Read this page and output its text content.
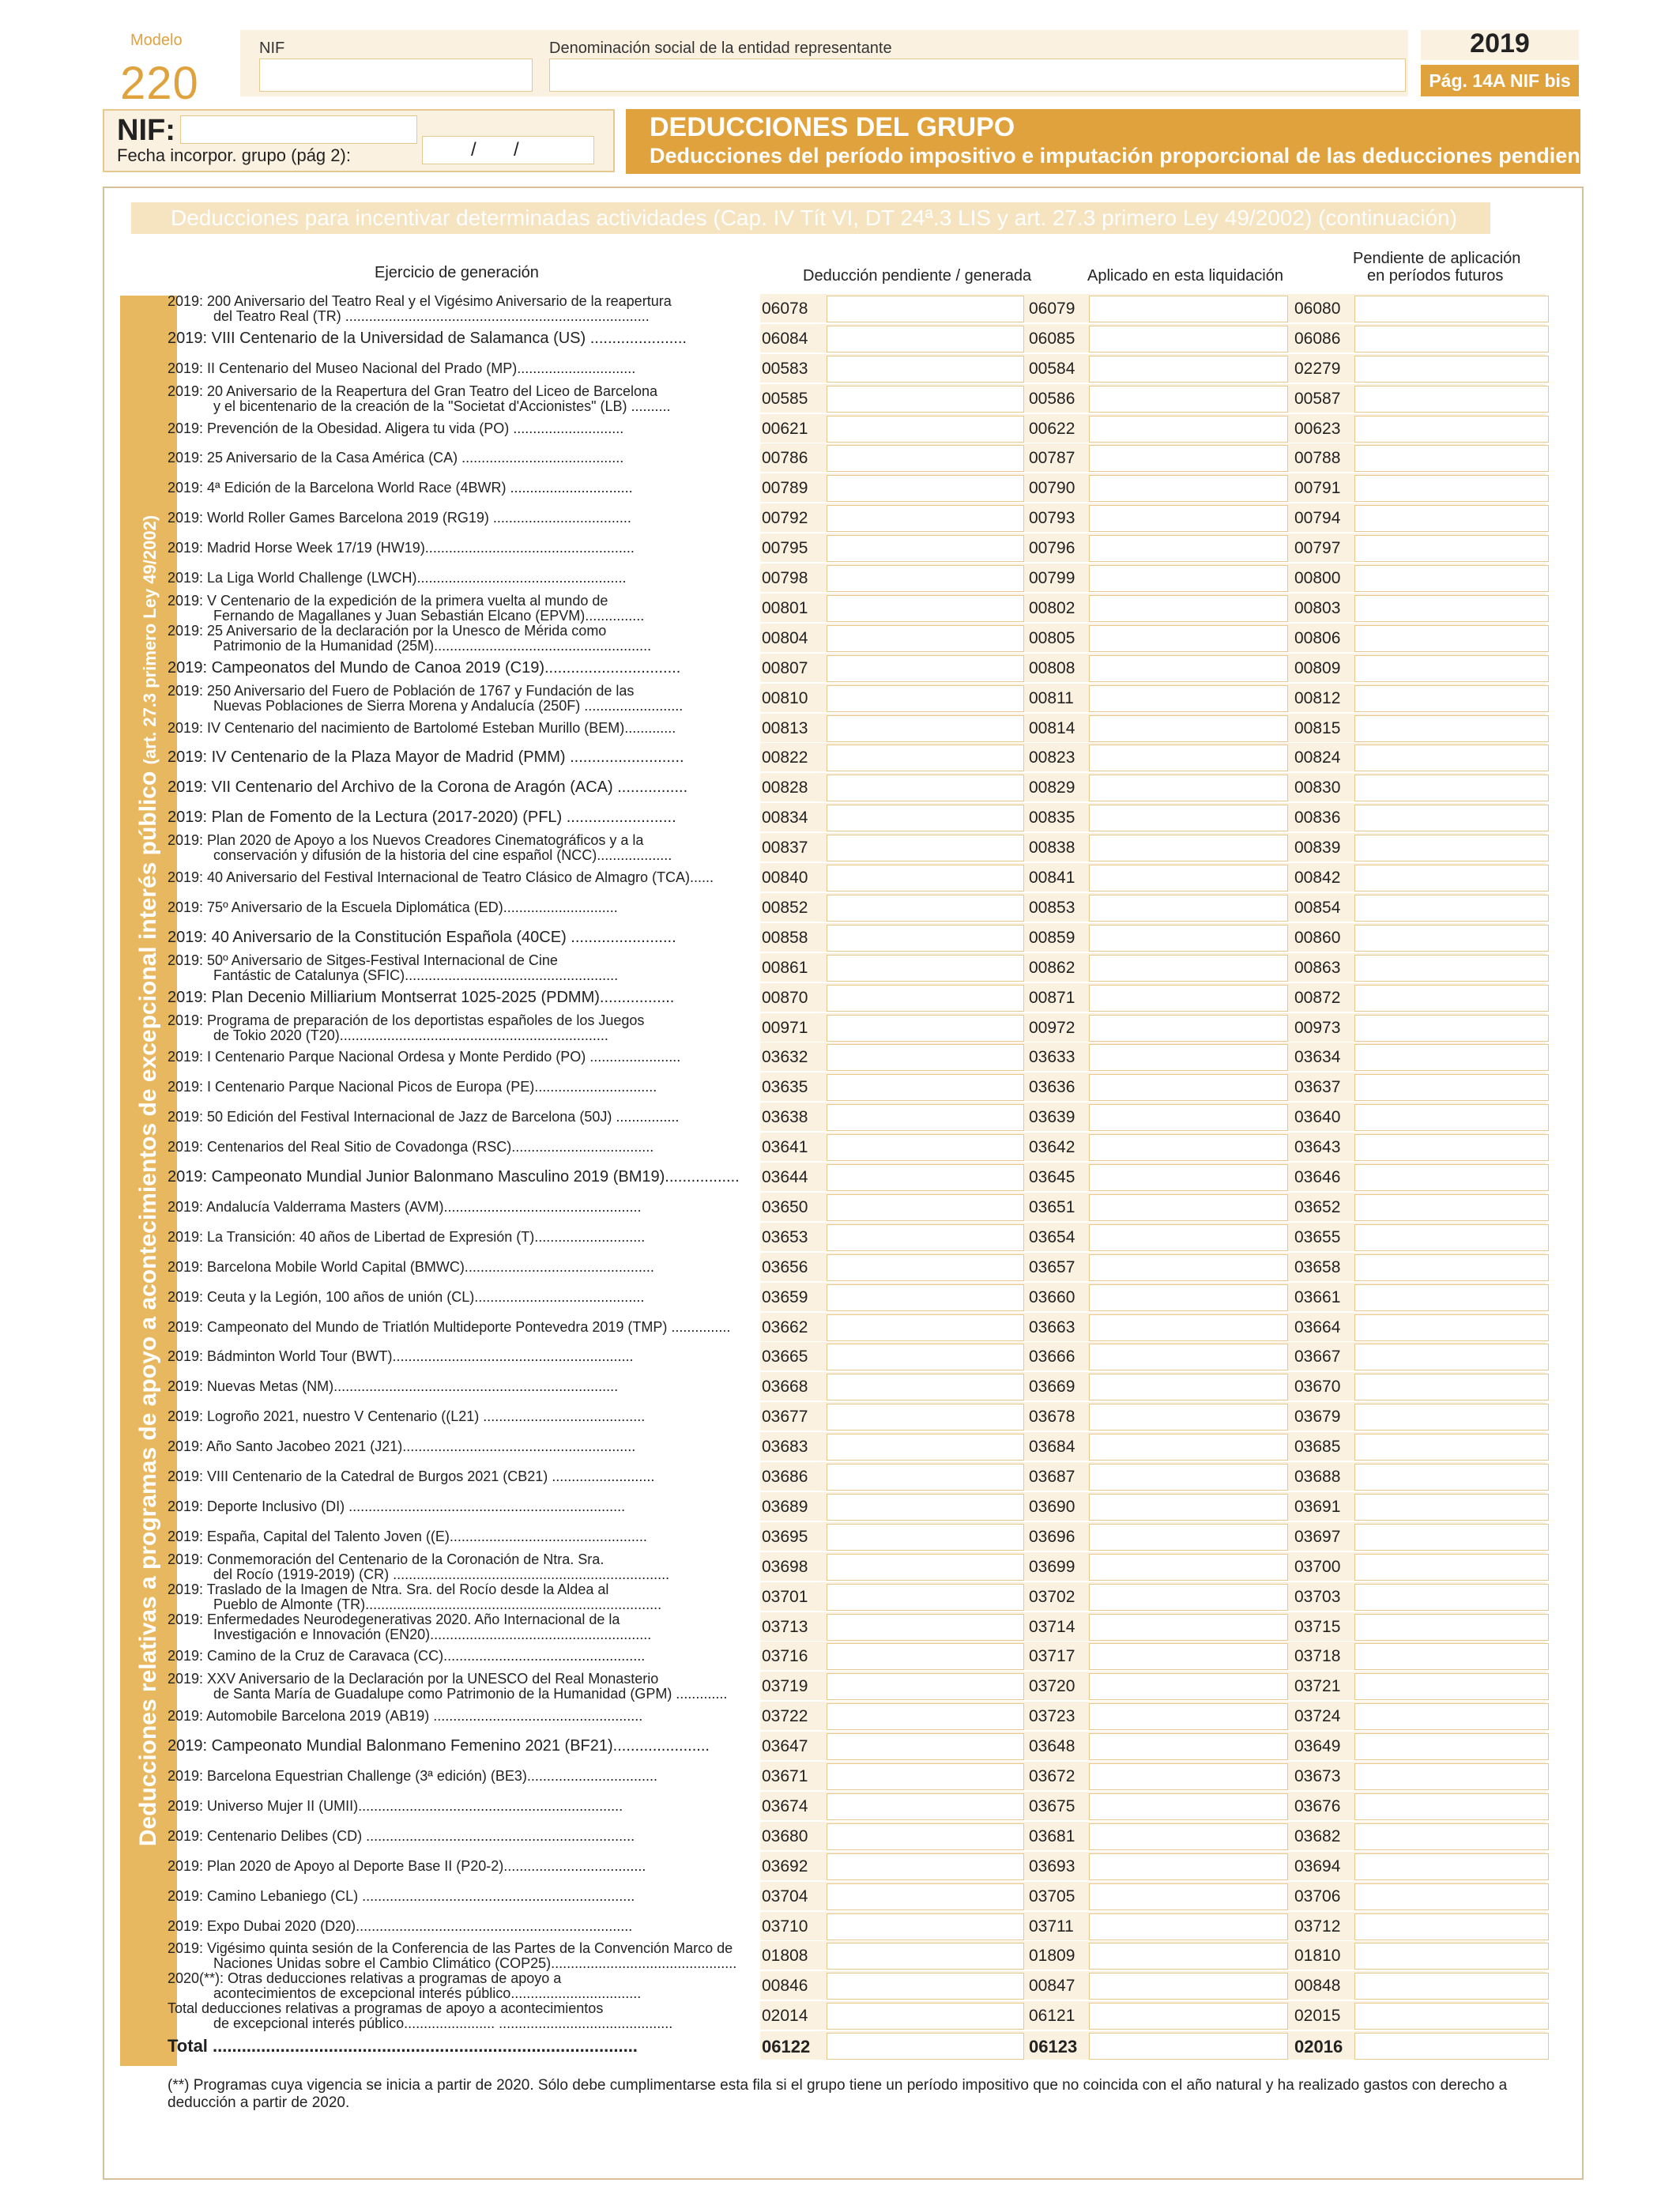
Modelo
220
NIF	Denominación social de la entidad representante	2019
Pág. 14A NIF bis
NIF:
Fecha incorpor. grupo (pág 2):	/ /
DEDUCCIONES DEL GRUPO
Deducciones del período impositivo e imputación proporcional de las deducciones pendientes
Deducciones para incentivar determinadas actividades (Cap. IV Tít VI, DT 24ª.3 LIS y art. 27.3 primero Ley 49/2002) (continuación)
Ejercicio de generación	Deducción pendiente / generada	Aplicado en esta liquidación
Pendiente de aplicación
en períodos futuros
Deducciones relativas a programas de apoyo a acontecimientos de excepcional interés público (art. 27.3 primero Ley 49/2002)
2019: 200 Aniversario del Teatro Real y el Vigésimo Aniversario de la reapertura
del Teatro Real (TR) .............................................................................	06078	06079	06080
2019: VIII Centenario de la Universidad de Salamanca (US) ......................	06084	06085	06086
2019: II Centenario del Museo Nacional del Prado (MP)..............................	00583	00584	02279
2019: 20 Aniversario de la Reapertura del Gran Teatro del Liceo de Barcelona
y el bicentenario de la creación de la "Societat d'Accionistes" (LB) ..........	00585	00586	00587
2019: Prevención de la Obesidad. Aligera tu vida (PO) ............................	00621	00622	00623
2019: 25 Aniversario de la Casa América (CA) .........................................	00786	00787	00788
2019: 4ª Edición de la Barcelona World Race (4BWR) ...............................	00789	00790	00791
2019: World Roller Games Barcelona 2019 (RG19) ...................................	00792	00793	00794
2019: Madrid Horse Week 17/19 (HW19).....................................................	00795	00796	00797
2019: La Liga World Challenge (LWCH).....................................................	00798	00799	00800
2019: V Centenario de la expedición de la primera vuelta al mundo de
Fernando de Magallanes y Juan Sebastián Elcano (EPVM)...............	00801	00802	00803
2019: 25 Aniversario de la declaración por la Unesco de Mérida como
Patrimonio de la Humanidad (25M).......................................................	00804	00805	00806
2019: Campeonatos del Mundo de Canoa 2019 (C19)...............................	00807	00808	00809
2019: 250 Aniversario del Fuero de Población de 1767 y Fundación de las
Nuevas Poblaciones de Sierra Morena y Andalucía (250F) .........................	00810	00811	00812
2019: IV Centenario del nacimiento de Bartolomé Esteban Murillo (BEM).............	00813	00814	00815
2019: IV Centenario de la Plaza Mayor de Madrid (PMM) ..........................	00822	00823	00824
2019: VII Centenario del Archivo de la Corona de Aragón (ACA) ................	00828	00829	00830
2019: Plan de Fomento de la Lectura (2017-2020) (PFL) .........................	00834	00835	00836
2019: Plan 2020 de Apoyo a los Nuevos Creadores Cinematográficos y a la
conservación y difusión de la historia del cine español (NCC)...................	00837	00838	00839
2019: 40 Aniversario del Festival Internacional de Teatro Clásico de Almagro (TCA)......	00840	00841	00842
2019: 75º Aniversario de la Escuela Diplomática (ED).............................	00852	00853	00854
2019: 40 Aniversario de la Constitución Española (40CE) ........................	00858	00859	00860
2019: 50º Aniversario de Sitges-Festival Internacional de Cine
Fantástic de Catalunya (SFIC)......................................................	00861	00862	00863
2019: Plan Decenio Milliarium Montserrat 1025-2025 (PDMM).................	00870	00871	00872
2019: Programa de preparación de los deportistas españoles de los Juegos
de Tokio 2020 (T20)....................................................................	00971	00972	00973
2019: I Centenario Parque Nacional Ordesa y Monte Perdido (PO) .......................	03632	03633	03634
2019: I Centenario Parque Nacional Picos de Europa (PE)...............................	03635	03636	03637
2019: 50 Edición del Festival Internacional de Jazz de Barcelona (50J) ................	03638	03639	03640
2019: Centenarios del Real Sitio de Covadonga (RSC)....................................	03641	03642	03643
2019: Campeonato Mundial Junior Balonmano Masculino 2019 (BM19).................	03644	03645	03646
2019: Andalucía Valderrama Masters (AVM)..................................................	03650	03651	03652
2019: La Transición: 40 años de Libertad de Expresión (T)............................	03653	03654	03655
2019: Barcelona Mobile World Capital (BMWC)................................................	03656	03657	03658
2019: Ceuta y la Legión, 100 años de unión (CL)...........................................	03659	03660	03661
2019: Campeonato del Mundo de Triatlón Multideporte Pontevedra 2019 (TMP) ...............	03662	03663	03664
2019: Bádminton World Tour (BWT).............................................................	03665	03666	03667
2019: Nuevas Metas (NM)........................................................................	03668	03669	03670
2019: Logroño 2021, nuestro V Centenario ((L21) .........................................	03677	03678	03679
2019: Año Santo Jacobeo 2021 (J21)...........................................................	03683	03684	03685
2019: VIII Centenario de la Catedral de Burgos 2021 (CB21) ..........................	03686	03687	03688
2019: Deporte Inclusivo (DI) ......................................................................	03689	03690	03691
2019: España, Capital del Talento Joven ((E)..................................................	03695	03696	03697
2019: Conmemoración del Centenario de la Coronación de Ntra. Sra.
del Rocío (1919-2019) (CR) ......................................................................	03698	03699	03700
2019: Traslado de la Imagen de Ntra. Sra. del Rocío desde la Aldea al
Pueblo de Almonte (TR)...........................................................................	03701	03702	03703
2019: Enfermedades Neurodegenerativas 2020. Año Internacional de la
Investigación e Innovación (EN20)........................................................	03713	03714	03715
2019: Camino de la Cruz de Caravaca (CC)...................................................	03716	03717	03718
2019: XXV Aniversario de la Declaración por la UNESCO del Real Monasterio
de Santa María de Guadalupe como Patrimonio de la Humanidad (GPM) .............	03719	03720	03721
2019: Automobile Barcelona 2019 (AB19) .....................................................	03722	03723	03724
2019: Campeonato Mundial Balonmano Femenino 2021 (BF21)......................	03647	03648	03649
2019: Barcelona Equestrian Challenge (3ª edición) (BE3).................................	03671	03672	03673
2019: Universo Mujer II (UMII)...................................................................	03674	03675	03676
2019: Centenario Delibes (CD) ....................................................................	03680	03681	03682
2019: Plan 2020 de Apoyo al Deporte Base II (P20-2)....................................	03692	03693	03694
2019: Camino Lebaniego (CL) .....................................................................	03704	03705	03706
2019: Expo Dubai 2020 (D20)......................................................................	03710	03711	03712
2019: Vigésimo quinta sesión de la Conferencia de las Partes de la Convención Marco de
Naciones Unidas sobre el Cambio Climático (COP25)...............................................	01808	01809	01810
2020(**): Otras deducciones relativas a programas de apoyo a
acontecimientos de excepcional interés público.................................	00846	00847	00848
Total deducciones relativas a programas de apoyo a acontecimientos
de excepcional interés público....................... ............................................	02014	06121	02015
Total ........................................................................................	06122	06123	02016
(**) Programas cuya vigencia se inicia a partir de 2020. Sólo debe cumplimentarse esta fila si el grupo tiene un período impositivo que no coincida con el año natural y ha realizado gastos con derecho a deducción a partir de 2020.
